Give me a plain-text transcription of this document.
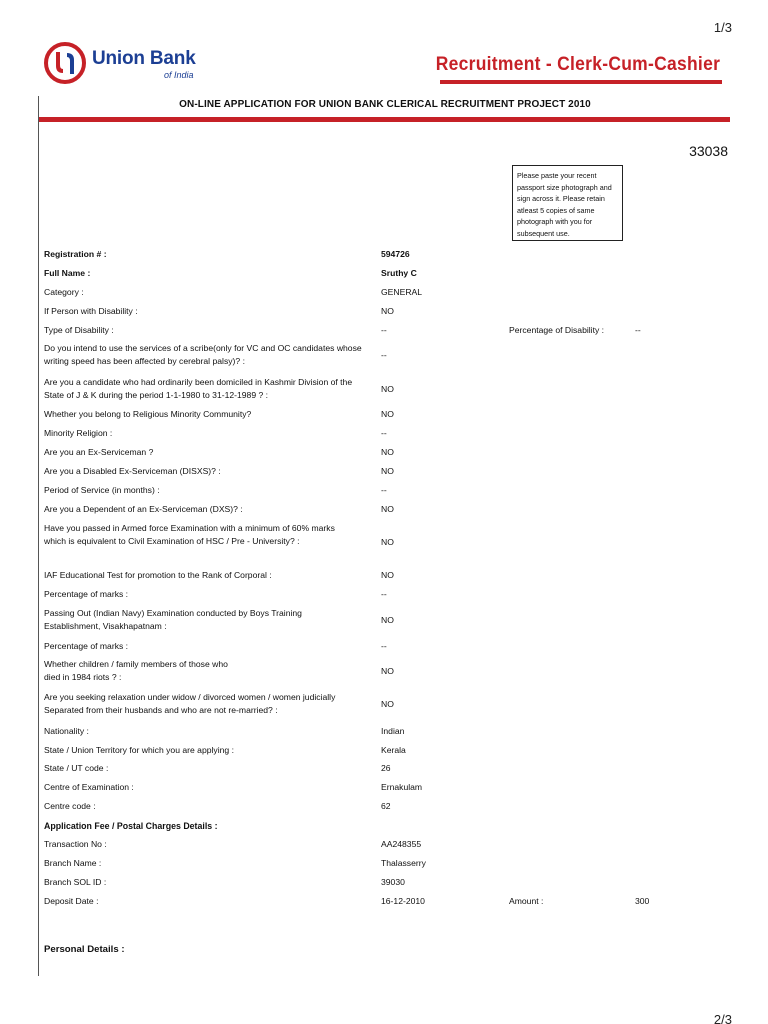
1/3
2/3
Union Bank
of India	Recruitment - Clerk-Cum-Cashier
ON-LINE APPLICATION FOR UNION BANK CLERICAL RECRUITMENT PROJECT 2010
33038
Please paste your recent passport size photograph and sign across it. Please retain atleast 5 copies of same photograph with you for subsequent use.
Registration # :	594726
Full Name :	Sruthy C
Category :	GENERAL
If Person with Disability :	NO
Type of Disability :	--	Percentage of Disability :	--
Do you intend to use the services of a scribe(only for VC and OC candidates whose writing speed has been affected by cerebral palsy)? :
--
Are you a candidate who had ordinarily been domiciled in Kashmir Division of the State of J & K during the period 1-1-1980 to 31-12-1989 ? :
NO
Whether you belong to Religious Minority Community?	NO
Minority Religion :	--
Are you an Ex-Serviceman ?	NO
Are you a Disabled Ex-Serviceman (DISXS)? :	NO
Period of Service (in months) :	--
Are you a Dependent of an Ex-Serviceman (DXS)? :	NO
Have you passed in Armed force Examination with a minimum of 60% marks which is equivalent to Civil Examination of HSC / Pre - University? :	NO
IAF Educational Test for promotion to the Rank of Corporal :	NO
Percentage of marks :	--
Passing Out (Indian Navy) Examination conducted by Boys Training Establishment, Visakhapatnam :
NO
Percentage of marks :	--
Whether children / family members of those who died in 1984 riots ? :
NO
Are you seeking relaxation under widow / divorced women / women judicially Separated from their husbands and who are not re-married? :
NO
Nationality :	Indian
State / Union Territory for which you are applying :	Kerala
State / UT code :	26
Centre of Examination :	Ernakulam
Centre code :	62
Application Fee / Postal Charges Details :
Transaction No :	AA248355
Branch Name :	Thalasserry
Branch SOL ID :	39030
Deposit Date :	16-12-2010	Amount :	300
Personal Details :
